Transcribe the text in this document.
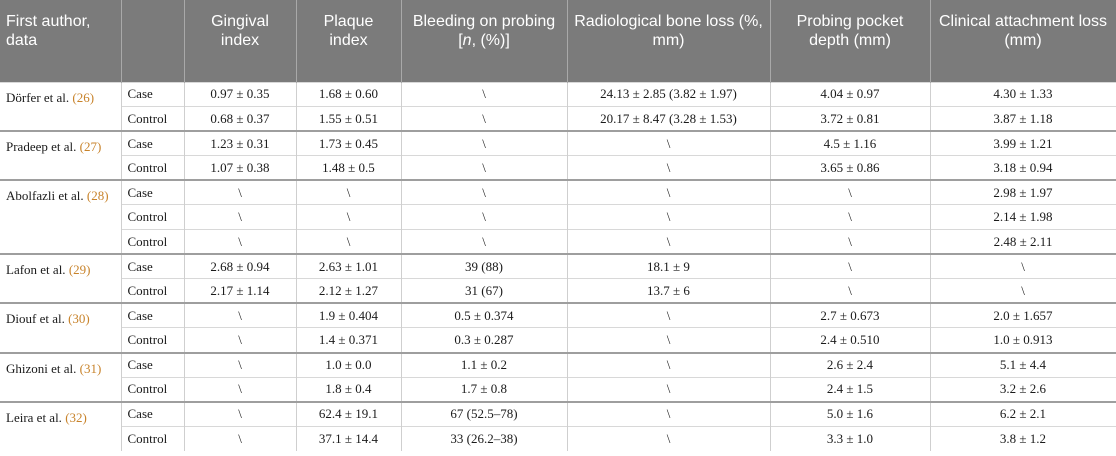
First author, data		Gingival index	Plaque index	Bleeding on probing [n, (%)]	Radiological bone loss (%, mm)	Probing pocket depth (mm)	Clinical attachment loss (mm)
Dörfer et al. (26)	Case	0.97 ± 0.35	1.68 ± 0.60	\	24.13 ± 2.85 (3.82 ± 1.97)	4.04 ± 0.97	4.30 ± 1.33
	Control	0.68 ± 0.37	1.55 ± 0.51	\	20.17 ± 8.47 (3.28 ± 1.53)	3.72 ± 0.81	3.87 ± 1.18
Pradeep et al. (27)	Case	1.23 ± 0.31	1.73 ± 0.45	\	\	4.5 ± 1.16	3.99 ± 1.21
	Control	1.07 ± 0.38	1.48 ± 0.5	\	\	3.65 ± 0.86	3.18 ± 0.94
Abolfazli et al. (28)	Case	\	\	\	\	\	2.98 ± 1.97
	Control	\	\	\	\	\	2.14 ± 1.98
	Control	\	\	\	\	\	2.48 ± 2.11
Lafon et al. (29)	Case	2.68 ± 0.94	2.63 ± 1.01	39 (88)	18.1 ± 9	\	\
	Control	2.17 ± 1.14	2.12 ± 1.27	31 (67)	13.7 ± 6	\	\
Diouf et al. (30)	Case	\	1.9 ± 0.404	0.5 ± 0.374	\	2.7 ± 0.673	2.0 ± 1.657
	Control	\	1.4 ± 0.371	0.3 ± 0.287	\	2.4 ± 0.510	1.0 ± 0.913
Ghizoni et al. (31)	Case	\	1.0 ± 0.0	1.1 ± 0.2	\	2.6 ± 2.4	5.1 ± 4.4
	Control	\	1.8 ± 0.4	1.7 ± 0.8	\	2.4 ± 1.5	3.2 ± 2.6
Leira et al. (32)	Case	\	62.4 ± 19.1	67 (52.5–78)	\	5.0 ± 1.6	6.2 ± 2.1
	Control	\	37.1 ± 14.4	33 (26.2–38)	\	3.3 ± 1.0	3.8 ± 1.2
